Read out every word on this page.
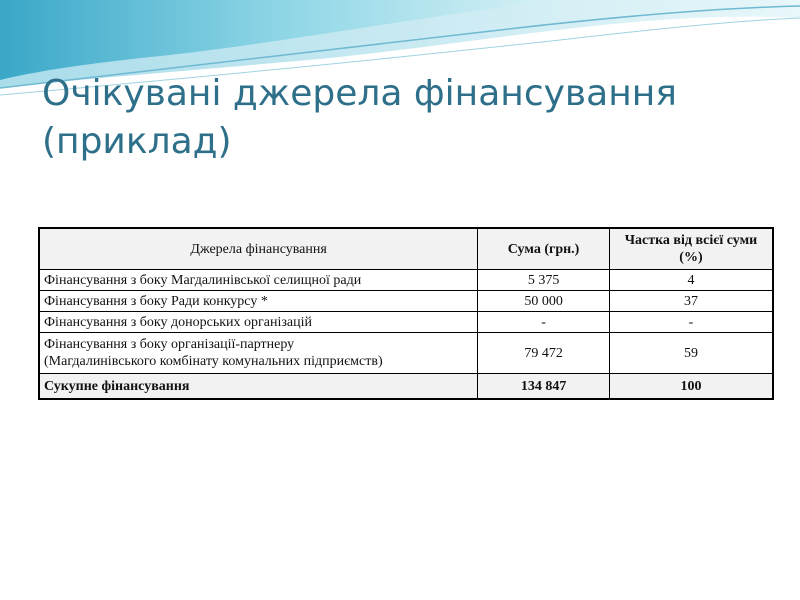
Очікувані джерела фінансування (приклад)
Джерела фінансування	Сума (грн.)	Частка від всієї суми (%)
Фінансування з боку Магдалинівської селищної ради	5 375	4
Фінансування з боку Ради конкурсу *	50 000	37
Фінансування з боку донорських організацій	-	-

Фінансування з боку організації-партнеру
(Магдалинівського комбінату комунальних підприємств)	79 472	59
Сукупне фінансування	134 847	100
